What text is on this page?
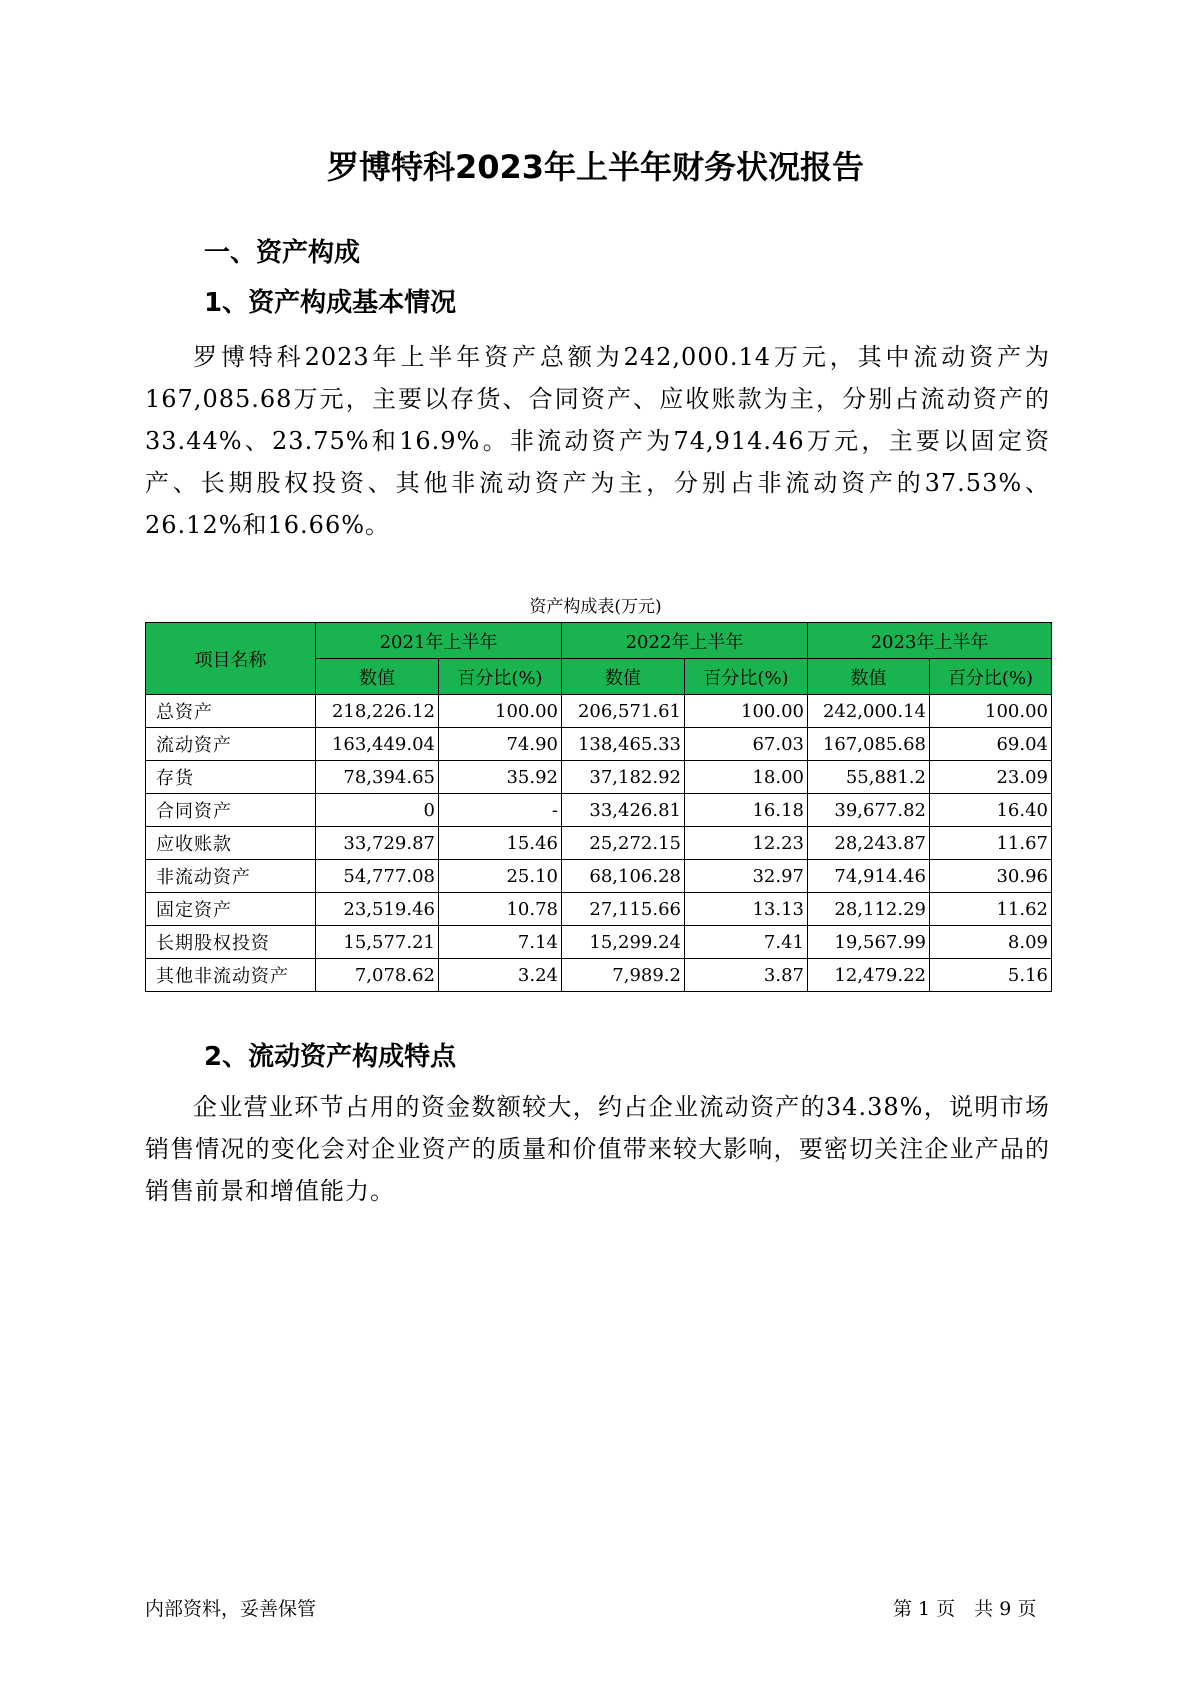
罗博特科2023年上半年财务状况报告
一、资产构成
1、资产构成基本情况
罗博特科2023年上半年资产总额为242,000.14万元，其中流动资产为167,085.68万元，主要以存货、合同资产、应收账款为主，分别占流动资产的33.44%、23.75%和16.9%。非流动资产为74,914.46万元，主要以固定资产、长期股权投资、其他非流动资产为主，分别占非流动资产的37.53%、26.12%和16.66%。
资产构成表(万元)
项目名称	2021年上半年		2022年上半年		2023年上半年	
	数值	百分比(%)	数值	百分比(%)	数值	百分比(%)
总资产	218,226.12	100.00	206,571.61	100.00	242,000.14	100.00
流动资产	163,449.04	74.90	138,465.33	67.03	167,085.68	69.04
存货	78,394.65	35.92	37,182.92	18.00	55,881.2	23.09
合同资产	0	-	33,426.81	16.18	39,677.82	16.40
应收账款	33,729.87	15.46	25,272.15	12.23	28,243.87	11.67
非流动资产	54,777.08	25.10	68,106.28	32.97	74,914.46	30.96
固定资产	23,519.46	10.78	27,115.66	13.13	28,112.29	11.62
长期股权投资	15,577.21	7.14	15,299.24	7.41	19,567.99	8.09
其他非流动资产	7,078.62	3.24	7,989.2	3.87	12,479.22	5.16
2、流动资产构成特点
企业营业环节占用的资金数额较大，约占企业流动资产的34.38%，说明市场销售情况的变化会对企业资产的质量和价值带来较大影响，要密切关注企业产品的销售前景和增值能力。
内部资料，妥善保管	第 1 页　共 9 页
